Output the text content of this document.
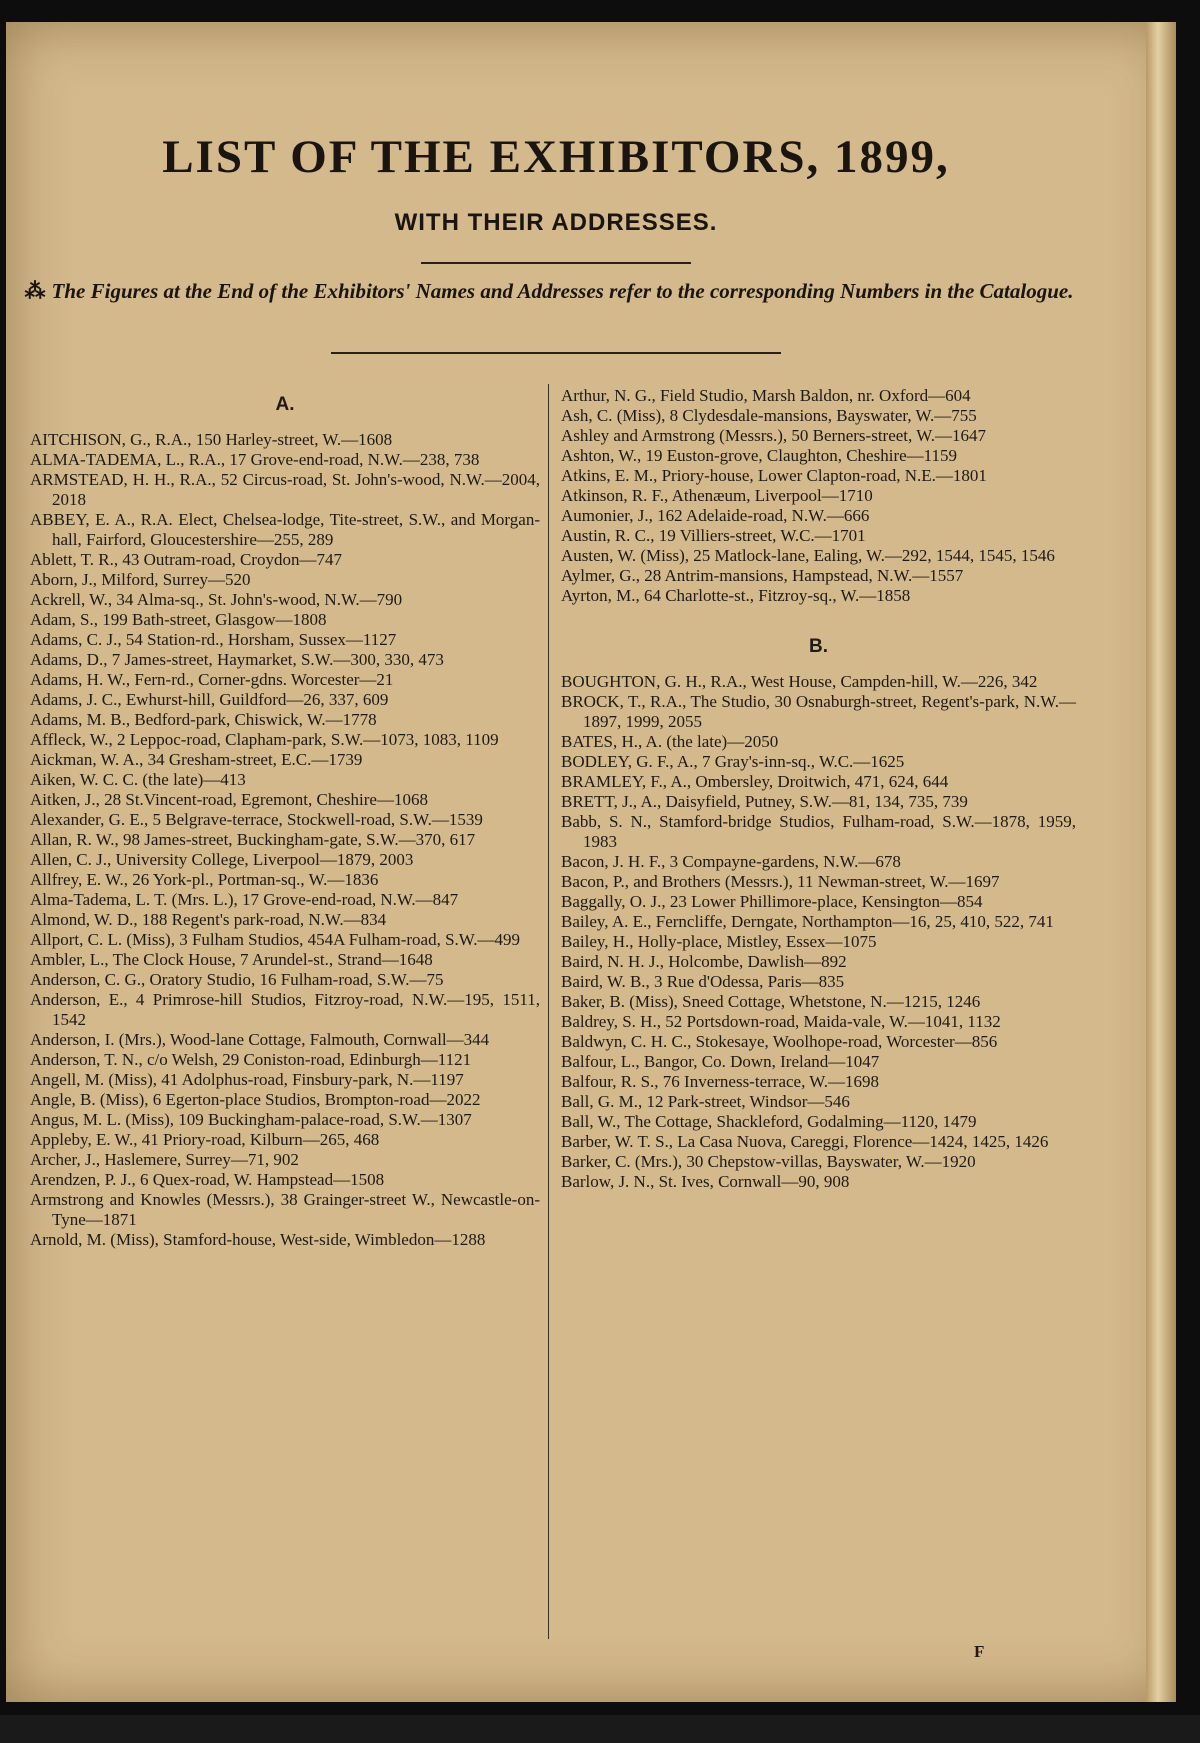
LIST OF THE EXHIBITORS, 1899,
WITH THEIR ADDRESSES.
⁂ The Figures at the End of the Exhibitors' Names and Addresses refer to the corresponding Numbers in the Catalogue.
A.

AITCHISON, G., R.A., 150 Harley-street, W.—1608

ALMA-TADEMA, L., R.A., 17 Grove-end-road, N.W.—238, 738

ARMSTEAD, H. H., R.A., 52 Circus-road, St. John's-wood, N.W.—2004, 2018

ABBEY, E. A., R.A. Elect, Chelsea-lodge, Tite-street, S.W., and Morgan-hall, Fairford, Gloucestershire—255, 289

Ablett, T. R., 43 Outram-road, Croydon—747

Aborn, J., Milford, Surrey—520

Ackrell, W., 34 Alma-sq., St. John's-wood, N.W.—790

Adam, S., 199 Bath-street, Glasgow—1808

Adams, C. J., 54 Station-rd., Horsham, Sussex—1127

Adams, D., 7 James-street, Haymarket, S.W.—300, 330, 473

Adams, H. W., Fern-rd., Corner-gdns. Worcester—21

Adams, J. C., Ewhurst-hill, Guildford—26, 337, 609

Adams, M. B., Bedford-park, Chiswick, W.—1778

Affleck, W., 2 Leppoc-road, Clapham-park, S.W.—1073, 1083, 1109

Aickman, W. A., 34 Gresham-street, E.C.—1739

Aiken, W. C. C. (the late)—413

Aitken, J., 28 St.Vincent-road, Egremont, Cheshire—1068

Alexander, G. E., 5 Belgrave-terrace, Stockwell-road, S.W.—1539

Allan, R. W., 98 James-street, Buckingham-gate, S.W.—370, 617

Allen, C. J., University College, Liverpool—1879, 2003

Allfrey, E. W., 26 York-pl., Portman-sq., W.—1836

Alma-Tadema, L. T. (Mrs. L.), 17 Grove-end-road, N.W.—847

Almond, W. D., 188 Regent's park-road, N.W.—834

Allport, C. L. (Miss), 3 Fulham Studios, 454A Fulham-road, S.W.—499

Ambler, L., The Clock House, 7 Arundel-st., Strand—1648

Anderson, C. G., Oratory Studio, 16 Fulham-road, S.W.—75

Anderson, E., 4 Primrose-hill Studios, Fitzroy-road, N.W.—195, 1511, 1542

Anderson, I. (Mrs.), Wood-lane Cottage, Falmouth, Cornwall—344

Anderson, T. N., c/o Welsh, 29 Coniston-road, Edinburgh—1121

Angell, M. (Miss), 41 Adolphus-road, Finsbury-park, N.—1197

Angle, B. (Miss), 6 Egerton-place Studios, Brompton-road—2022

Angus, M. L. (Miss), 109 Buckingham-palace-road, S.W.—1307

Appleby, E. W., 41 Priory-road, Kilburn—265, 468

Archer, J., Haslemere, Surrey—71, 902

Arendzen, P. J., 6 Quex-road, W. Hampstead—1508

Armstrong and Knowles (Messrs.), 38 Grainger-street W., Newcastle-on-Tyne—1871

Arnold, M. (Miss), Stamford-house, West-side, Wimbledon—1288

Arthur, N. G., Field Studio, Marsh Baldon, nr. Oxford—604

Ash, C. (Miss), 8 Clydesdale-mansions, Bayswater, W.—755

Ashley and Armstrong (Messrs.), 50 Berners-street, W.—1647

Ashton, W., 19 Euston-grove, Claughton, Cheshire—1159

Atkins, E. M., Priory-house, Lower Clapton-road, N.E.—1801

Atkinson, R. F., Athenæum, Liverpool—1710

Aumonier, J., 162 Adelaide-road, N.W.—666

Austin, R. C., 19 Villiers-street, W.C.—1701

Austen, W. (Miss), 25 Matlock-lane, Ealing, W.—292, 1544, 1545, 1546

Aylmer, G., 28 Antrim-mansions, Hampstead, N.W.—1557

Ayrton, M., 64 Charlotte-st., Fitzroy-sq., W.—1858

B.

BOUGHTON, G. H., R.A., West House, Campden-hill, W.—226, 342

BROCK, T., R.A., The Studio, 30 Osnaburgh-street, Regent's-park, N.W.—1897, 1999, 2055

BATES, H., A. (the late)—2050

BODLEY, G. F., A., 7 Gray's-inn-sq., W.C.—1625

BRAMLEY, F., A., Ombersley, Droitwich, 471, 624, 644

BRETT, J., A., Daisyfield, Putney, S.W.—81, 134, 735, 739

Babb, S. N., Stamford-bridge Studios, Fulham-road, S.W.—1878, 1959, 1983

Bacon, J. H. F., 3 Compayne-gardens, N.W.—678

Bacon, P., and Brothers (Messrs.), 11 Newman-street, W.—1697

Baggally, O. J., 23 Lower Phillimore-place, Kensington—854

Bailey, A. E., Ferncliffe, Derngate, Northampton—16, 25, 410, 522, 741

Bailey, H., Holly-place, Mistley, Essex—1075

Baird, N. H. J., Holcombe, Dawlish—892

Baird, W. B., 3 Rue d'Odessa, Paris—835

Baker, B. (Miss), Sneed Cottage, Whetstone, N.—1215, 1246

Baldrey, S. H., 52 Portsdown-road, Maida-vale, W.—1041, 1132

Baldwyn, C. H. C., Stokesaye, Woolhope-road, Worcester—856

Balfour, L., Bangor, Co. Down, Ireland—1047

Balfour, R. S., 76 Inverness-terrace, W.—1698

Ball, G. M., 12 Park-street, Windsor—546

Ball, W., The Cottage, Shackleford, Godalming—1120, 1479

Barber, W. T. S., La Casa Nuova, Careggi, Florence—1424, 1425, 1426

Barker, C. (Mrs.), 30 Chepstow-villas, Bayswater, W.—1920

Barlow, J. N., St. Ives, Cornwall—90, 908

F
